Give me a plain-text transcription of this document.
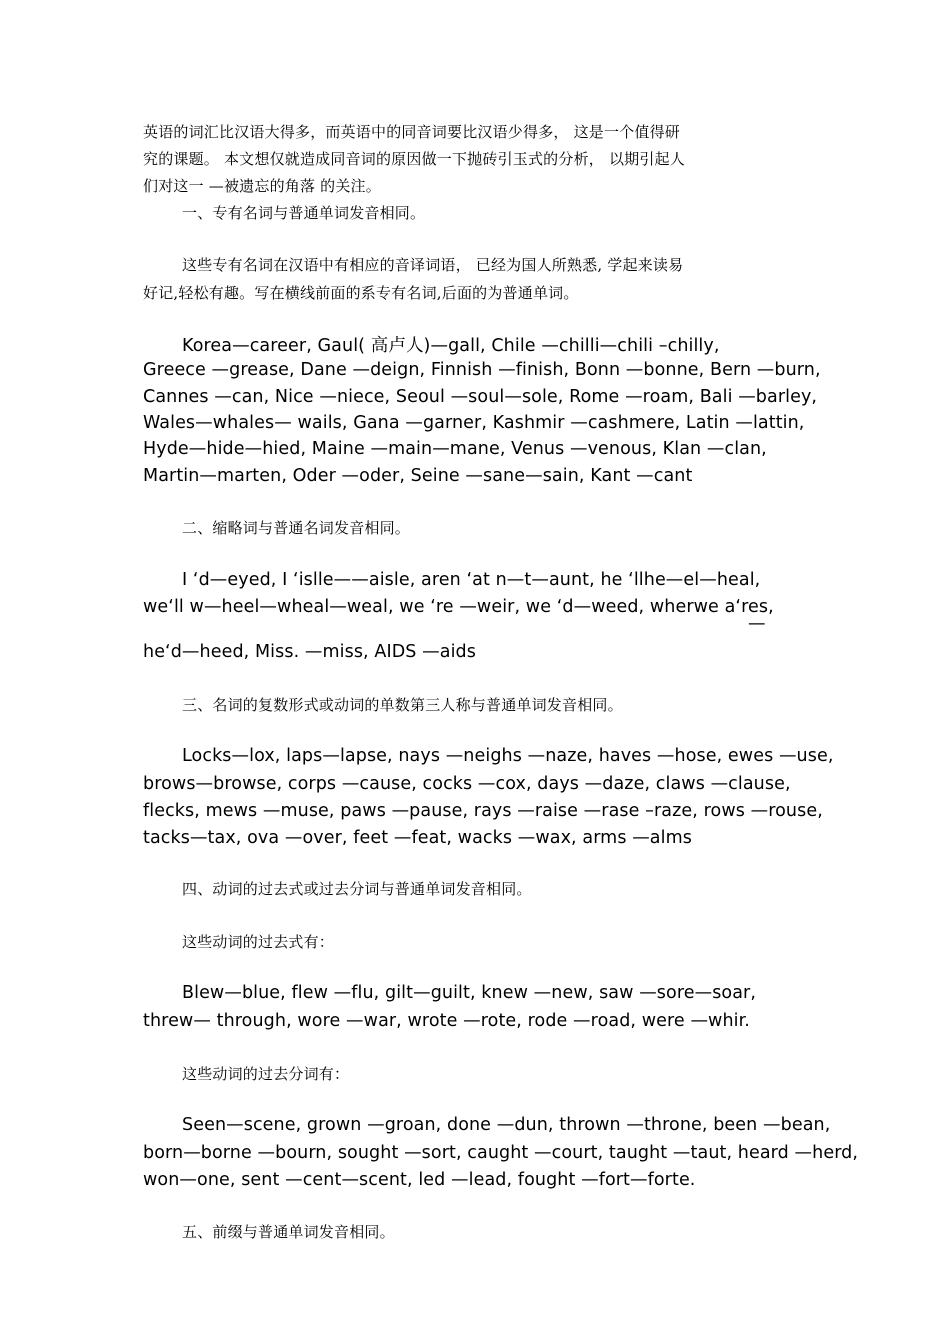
英语的词汇比汉语大得多，而英语中的同音词要比汉语少得多， 这是一个值得研

究的课题。 本文想仅就造成同音词的原因做一下抛砖引玉式的分析， 以期引起人

们对这一 —被遗忘的角落 的关注。

一、专有名词与普通单词发音相同。

这些专有名词在汉语中有相应的音译词语， 已经为国人所熟悉, 学起来读易

好记,轻松有趣。写在横线前面的系专有名词,后面的为普通单词。

Korea—career, Gaul( 高卢人)—gall, Chile —chilli—chili –chilly,

Greece —grease, Dane —deign, Finnish —finish, Bonn —bonne, Bern —burn,

Cannes —can, Nice —niece, Seoul —soul—sole, Rome —roam, Bali —barley,

Wales—whales— wails, Gana —garner, Kashmir —cashmere, Latin —lattin,

Hyde—hide—hied, Maine —main—mane, Venus —venous, Klan —clan,

Martin—marten, Oder —oder, Seine —sane—sain, Kant —cant

二、缩略词与普通名词发音相同。

I ‘d—eyed, I ‘islle——aisle, aren ‘at n—t—aunt, he ‘llhe—el—heal,

we‘ll w—heel—wheal—weal, we ‘re —weir, we ‘d—weed, wherwe a‘res,

—

he‘d—heed, Miss. —miss, AIDS —aids

三、名词的复数形式或动词的单数第三人称与普通单词发音相同。

Locks—lox, laps—lapse, nays —neighs —naze, haves —hose, ewes —use,

brows—browse, corps —cause, cocks —cox, days —daze, claws —clause,

flecks, mews —muse, paws —pause, rays —raise —rase –raze, rows —rouse,

tacks—tax, ova —over, feet —feat, wacks —wax, arms —alms

四、动词的过去式或过去分词与普通单词发音相同。

这些动词的过去式有：

Blew—blue, flew —flu, gilt—guilt, knew —new, saw —sore—soar,

threw— through, wore —war, wrote —rote, rode —road, were —whir.

这些动词的过去分词有：

Seen—scene, grown —groan, done —dun, thrown —throne, been —bean,

born—borne —bourn, sought —sort, caught —court, taught —taut, heard —herd,

won—one, sent —cent—scent, led —lead, fought —fort—forte.

五、前缀与普通单词发音相同。
